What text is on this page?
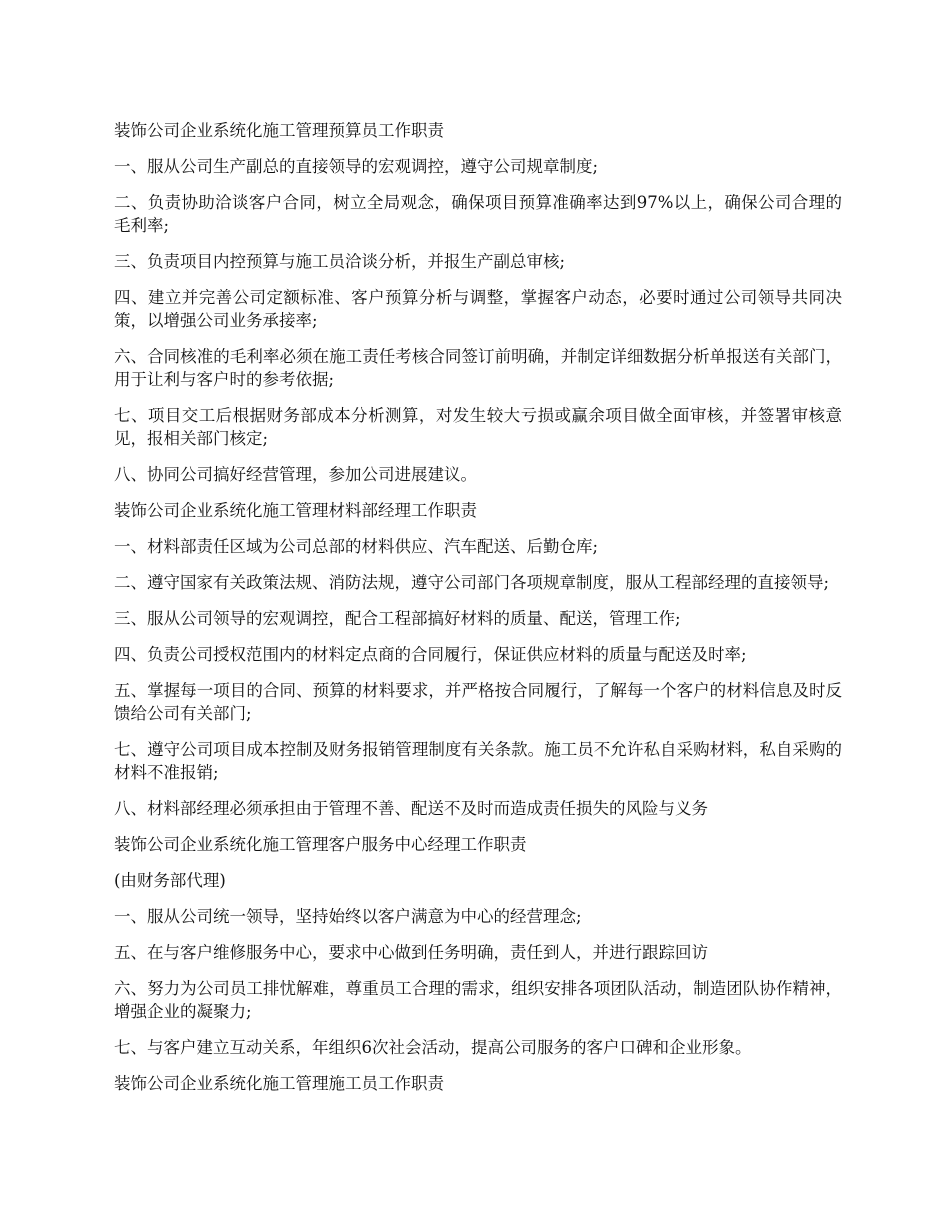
装饰公司企业系统化施工管理预算员工作职责

一、服从公司生产副总的直接领导的宏观调控，遵守公司规章制度;

二、负责协助洽谈客户合同，树立全局观念，确保项目预算准确率达到97%以上，确保公司合理的毛利率;

三、负责项目内控预算与施工员洽谈分析，并报生产副总审核;

四、建立并完善公司定额标准、客户预算分析与调整，掌握客户动态，必要时通过公司领导共同决策，以增强公司业务承接率;

六、合同核准的毛利率必须在施工责任考核合同签订前明确，并制定详细数据分析单报送有关部门，用于让利与客户时的参考依据;

七、项目交工后根据财务部成本分析测算，对发生较大亏损或赢余项目做全面审核，并签署审核意见，报相关部门核定;

八、协同公司搞好经营管理，参加公司进展建议。

装饰公司企业系统化施工管理材料部经理工作职责

一、材料部责任区域为公司总部的材料供应、汽车配送、后勤仓库;

二、遵守国家有关政策法规、消防法规，遵守公司部门各项规章制度，服从工程部经理的直接领导;

三、服从公司领导的宏观调控，配合工程部搞好材料的质量、配送，管理工作;

四、负责公司授权范围内的材料定点商的合同履行，保证供应材料的质量与配送及时率;

五、掌握每一项目的合同、预算的材料要求，并严格按合同履行，了解每一个客户的材料信息及时反馈给公司有关部门;

七、遵守公司项目成本控制及财务报销管理制度有关条款。施工员不允许私自采购材料，私自采购的材料不准报销;

八、材料部经理必须承担由于管理不善、配送不及时而造成责任损失的风险与义务

装饰公司企业系统化施工管理客户服务中心经理工作职责

(由财务部代理)

一、服从公司统一领导，坚持始终以客户满意为中心的经营理念;

五、在与客户维修服务中心，要求中心做到任务明确，责任到人，并进行跟踪回访

六、努力为公司员工排忧解难，尊重员工合理的需求，组织安排各项团队活动，制造团队协作精神，增强企业的凝聚力;

七、与客户建立互动关系，年组织6次社会活动，提高公司服务的客户口碑和企业形象。

装饰公司企业系统化施工管理施工员工作职责
